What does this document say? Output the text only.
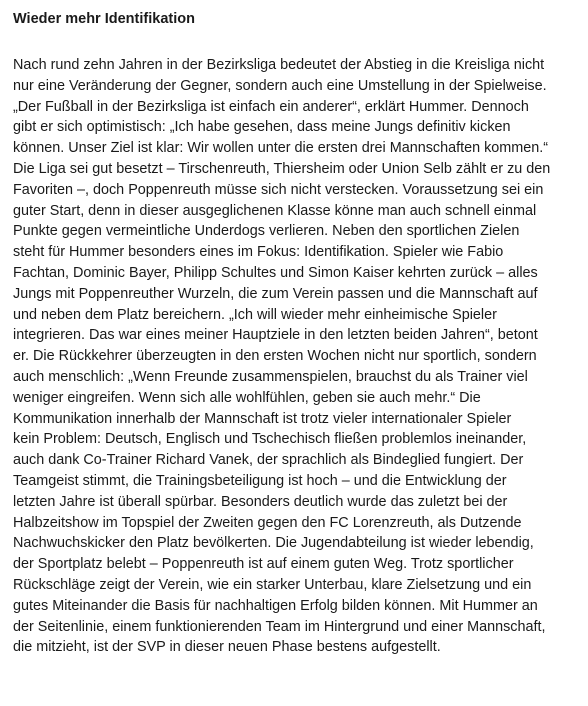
Wieder mehr Identifikation

Nach rund zehn Jahren in der Bezirksliga bedeutet der Abstieg in die Kreisliga nicht
nur eine Veränderung der Gegner, sondern auch eine Umstellung in der Spielweise.
„Der Fußball in der Bezirksliga ist einfach ein anderer“, erklärt Hummer. Dennoch
gibt er sich optimistisch: „Ich habe gesehen, dass meine Jungs definitiv kicken
können. Unser Ziel ist klar: Wir wollen unter die ersten drei Mannschaften kommen.“
Die Liga sei gut besetzt – Tirschenreuth, Thiersheim oder Union Selb zählt er zu den
Favoriten –, doch Poppenreuth müsse sich nicht verstecken. Voraussetzung sei ein
guter Start, denn in dieser ausgeglichenen Klasse könne man auch schnell einmal
Punkte gegen vermeintliche Underdogs verlieren. Neben den sportlichen Zielen
steht für Hummer besonders eines im Fokus: Identifikation. Spieler wie Fabio
Fachtan, Dominic Bayer, Philipp Schultes und Simon Kaiser kehrten zurück – alles
Jungs mit Poppenreuther Wurzeln, die zum Verein passen und die Mannschaft auf
und neben dem Platz bereichern. „Ich will wieder mehr einheimische Spieler
integrieren. Das war eines meiner Hauptziele in den letzten beiden Jahren“, betont
er. Die Rückkehrer überzeugten in den ersten Wochen nicht nur sportlich, sondern
auch menschlich: „Wenn Freunde zusammenspielen, brauchst du als Trainer viel
weniger eingreifen. Wenn sich alle wohlfühlen, geben sie auch mehr.“ Die
Kommunikation innerhalb der Mannschaft ist trotz vieler internationaler Spieler
kein Problem: Deutsch, Englisch und Tschechisch fließen problemlos ineinander,
auch dank Co-Trainer Richard Vanek, der sprachlich als Bindeglied fungiert. Der
Teamgeist stimmt, die Trainingsbeteiligung ist hoch – und die Entwicklung der
letzten Jahre ist überall spürbar. Besonders deutlich wurde das zuletzt bei der
Halbzeitshow im Topspiel der Zweiten gegen den FC Lorenzreuth, als Dutzende
Nachwuchskicker den Platz bevölkerten. Die Jugendabteilung ist wieder lebendig,
der Sportplatz belebt – Poppenreuth ist auf einem guten Weg. Trotz sportlicher
Rückschläge zeigt der Verein, wie ein starker Unterbau, klare Zielsetzung und ein
gutes Miteinander die Basis für nachhaltigen Erfolg bilden können. Mit Hummer an
der Seitenlinie, einem funktionierenden Team im Hintergrund und einer Mannschaft,
die mitzieht, ist der SVP in dieser neuen Phase bestens aufgestellt.
